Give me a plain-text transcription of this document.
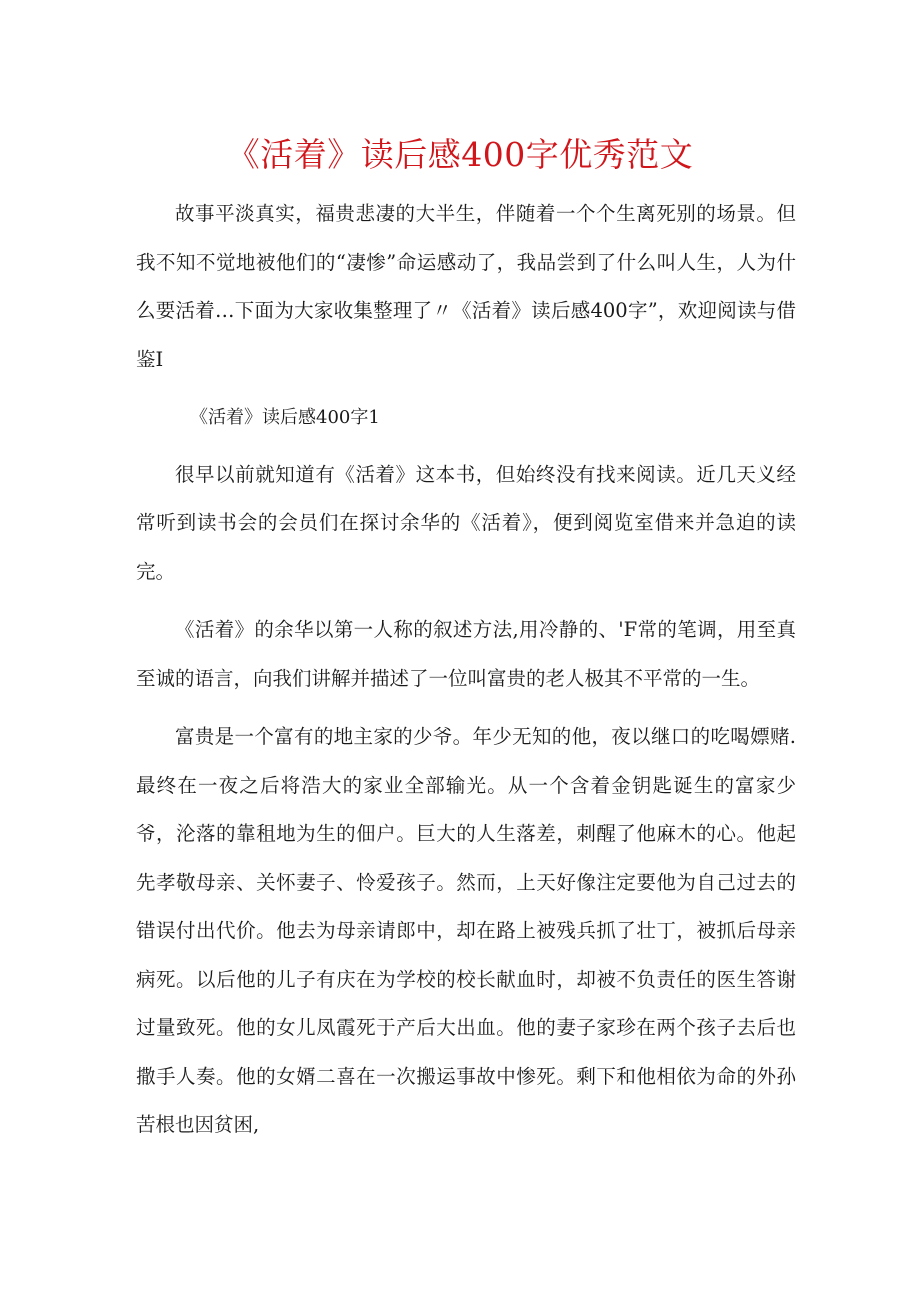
《活着》读后感400字优秀范文

故事平淡真实，福贵悲凄的大半生，伴随着一个个生离死别的场景。但我不知不觉地被他们的“凄惨”命运感动了，我品尝到了什么叫人生，人为什么要活着…下面为大家收集整理了〃《活着》读后感400字”，欢迎阅读与借鉴I

《活着》读后感400字1

很早以前就知道有《活着》这本书，但始终没有找来阅读。近几天义经常听到读书会的会员们在探讨余华的《活着》，便到阅览室借来并急迫的读完。

《活着》的余华以第一人称的叙述方法,用冷静的、'F常的笔调，用至真至诚的语言，向我们讲解并描述了一位叫富贵的老人极其不平常的一生。

富贵是一个富有的地主家的少爷。年少无知的他，夜以继口的吃喝嫖赌.最终在一夜之后将浩大的家业全部输光。从一个含着金钥匙诞生的富家少爷，沦落的靠租地为生的佃户。巨大的人生落差，刺醒了他麻木的心。他起先孝敬母亲、关怀妻子、怜爱孩子。然而，上天好像注定要他为自己过去的错误付出代价。他去为母亲请郎中，却在路上被残兵抓了壮丁，被抓后母亲病死。以后他的儿子有庆在为学校的校长献血时，却被不负责任的医生答谢过量致死。他的女儿凤霞死于产后大出血。他的妻子家珍在两个孩子去后也撒手人奏。他的女婿二喜在一次搬运事故中惨死。剩下和他相依为命的外孙苦根也因贫困,
